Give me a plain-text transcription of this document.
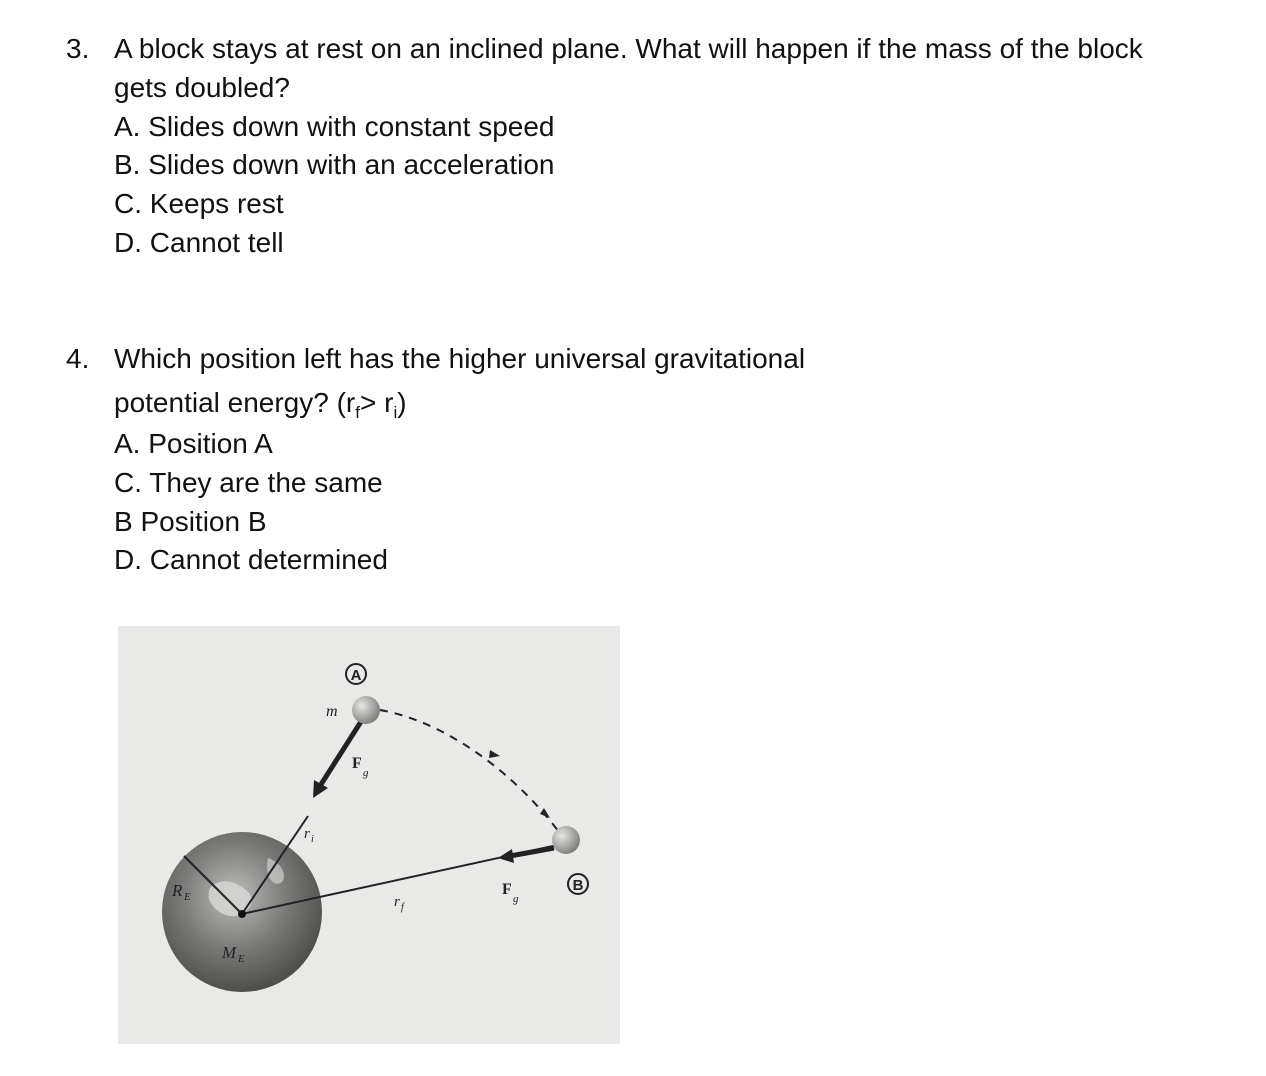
3. A block stays at rest on an inclined plane. What will happen if the mass of the block
gets doubled?
A. Slides down with constant speed
B. Slides down with an acceleration
C. Keeps rest
D. Cannot tell
4. Which position left has the higher universal gravitational
potential energy? $(r_f> r_i)$
A. Position A
C. They are the same
B Position B
D. Cannot determined
A
B
m
F
g
F
g
r i
r f
R E
M E
